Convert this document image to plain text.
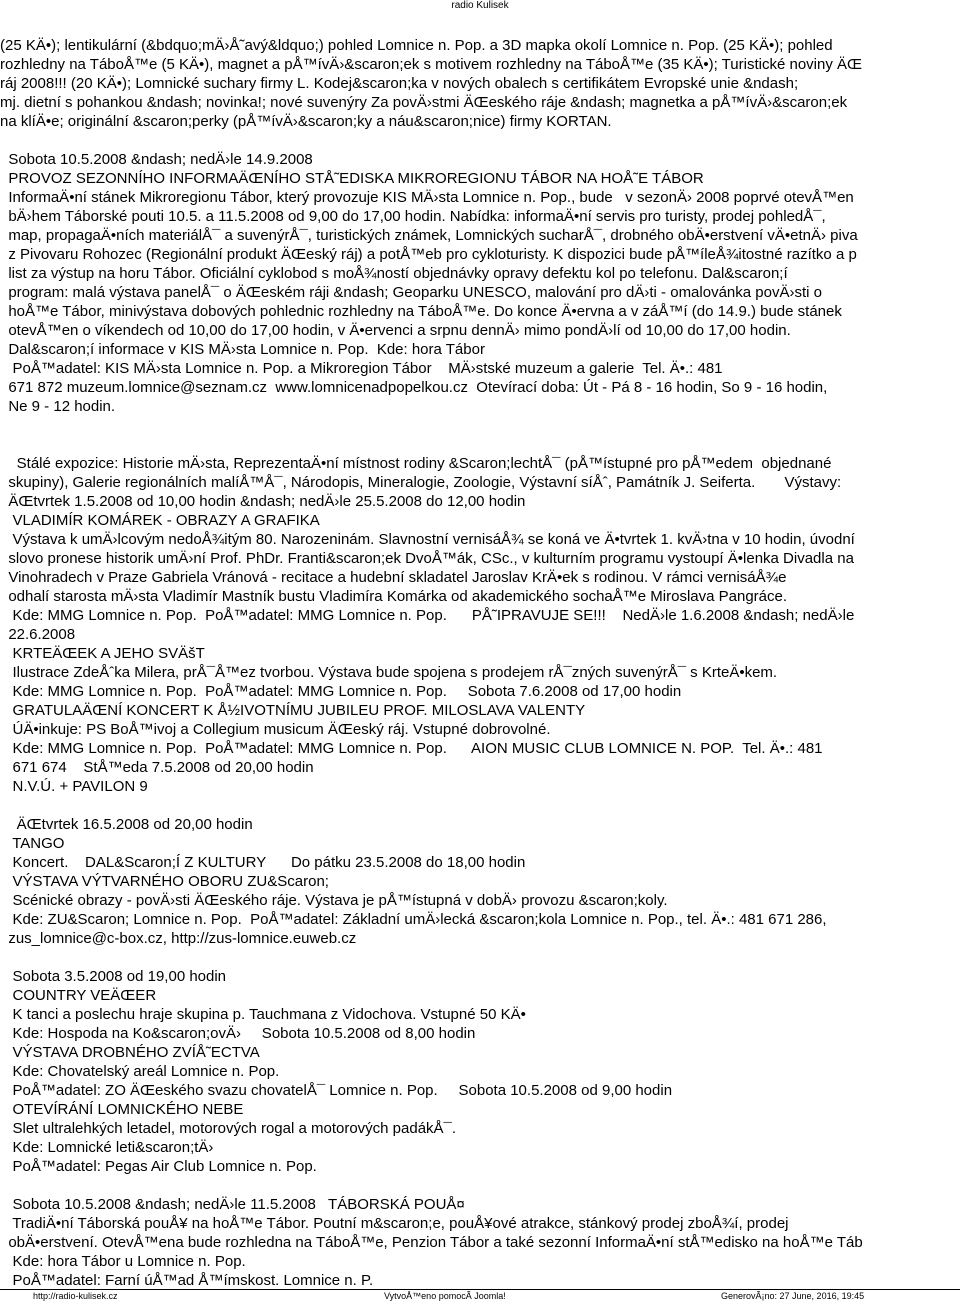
radio Kulisek
(25 KÄ•); lentikulární (&bdquo;mÄ›Å˜avý&ldquo;) pohled Lomnice n. Pop. a 3D mapka okolí Lomnice n. Pop. (25 KÄ•); pohled
rozhledny na TáboÅ™e (5 KÄ•), magnet a pÅ™ívÄ›&scaron;ek s motivem rozhledny na TáboÅ™e (35 KÄ•); Turistické noviny ÄŒ
ráj 2008!!! (20 KÄ•); Lomnické suchary firmy L. Kodej&scaron;ka v nových obalech s certifikátem Evropské unie &ndash;
mj. dietní s pohankou &ndash; novinka!; nové suvenýry Za povÄ›stmi ÄŒeského ráje &ndash; magnetka a pÅ™ívÄ›&scaron;ek
na klíÄ•e; originální &scaron;perky (pÅ™ívÄ›&scaron;ky a náu&scaron;nice) firmy KORTAN.
Sobota 10.5.2008 &ndash; nedÄ›le 14.9.2008
PROVOZ SEZONNÍHO INFORMAÄŒNÍHO STÅ˜EDISKA MIKROREGIONU TÁBOR NA HOÅ˜E TÁBOR
InformaÄ•ní stánek Mikroregionu Tábor, který provozuje KIS MÄ›sta Lomnice n. Pop., bude   v sezonÄ› 2008 poprvé otevÅ™en
bÄ›hem Táborské pouti 10.5. a 11.5.2008 od 9,00 do 17,00 hodin. Nabídka: informaÄ•ní servis pro turisty, prodej pohledÅ¯,
map, propagaÄ•ních materiálÅ¯ a suvenýrÅ¯, turistických známek, Lomnických sucharÅ¯, drobného obÄ•erstvení vÄ•etnÄ› piva
z Pivovaru Rohozec (Regionální produkt ÄŒeský ráj) a potÅ™eb pro cykloturisty. K dispozici bude pÅ™íleÅ¾itostné razítko a p
list za výstup na horu Tábor. Oficiální cyklobod s moÅ¾ností objednávky opravy defektu kol po telefonu. Dal&scaron;í
program: malá výstava panelÅ¯ o ÄŒeském ráji &ndash; Geoparku UNESCO, malování pro dÄ›ti - omalovánka povÄ›sti o
hoÅ™e Tábor, minivýstava dobových pohlednic rozhledny na TáboÅ™e. Do konce Ä•ervna a v záÅ™í (do 14.9.) bude stánek
otevÅ™en o víkendech od 10,00 do 17,00 hodin, v Ä•ervenci a srpnu dennÄ› mimo pondÄ›lí od 10,00 do 17,00 hodin.
Dal&scaron;í informace v KIS MÄ›sta Lomnice n. Pop.  Kde: hora Tábor
PoÅ™adatel: KIS MÄ›sta Lomnice n. Pop. a Mikroregion Tábor    MÄ›stské muzeum a galerie  Tel. Ä•.: 481
671 872 muzeum.lomnice@seznam.cz  www.lomnicenadpopelkou.cz  Otevírací doba: Út - Pá 8 - 16 hodin, So 9 - 16 hodin,
Ne 9 - 12 hodin.
Stálé expozice: Historie mÄ›sta, ReprezentaÄ•ní místnost rodiny &Scaron;lechtÅ¯ (pÅ™ístupné pro pÅ™edem  objednané
skupiny), Galerie regionálních malíÅ™Å¯, Národopis, Mineralogie, Zoologie, Výstavní síÅˆ, Památník J. Seiferta.       Výstavy:
ÄŒtvrtek 1.5.2008 od 10,00 hodin &ndash; nedÄ›le 25.5.2008 do 12,00 hodin
VLADIMÍR KOMÁREK - OBRAZY A GRAFIKA
Výstava k umÄ›lcovým nedoÅ¾itým 80. Narozeninám. Slavnostní vernisáÅ¾ se koná ve Ä•tvrtek 1. kvÄ›tna v 10 hodin, úvodní
slovo pronese historik umÄ›ní Prof. PhDr. Franti&scaron;ek DvoÅ™ák, CSc., v kulturním programu vystoupí Ä•lenka Divadla na
Vinohradech v Praze Gabriela Vránová - recitace a hudební skladatel Jaroslav KrÄ•ek s rodinou. V rámci vernisáÅ¾e
odhalí starosta mÄ›sta Vladimír Mastník bustu Vladimíra Komárka od akademického sochaÅ™e Miroslava Pangráce.
Kde: MMG Lomnice n. Pop.  PoÅ™adatel: MMG Lomnice n. Pop.      PÅ˜IPRAVUJE SE!!!    NedÄ›le 1.6.2008 &ndash; nedÄ›le
22.6.2008
KRTEÄŒEK A JEHO SVÄšT
Ilustrace ZdeÅˆka Milera, prÅ¯Å™ez tvorbou. Výstava bude spojena s prodejem rÅ¯zných suvenýrÅ¯ s KrteÄ•kem.
Kde: MMG Lomnice n. Pop.  PoÅ™adatel: MMG Lomnice n. Pop.     Sobota 7.6.2008 od 17,00 hodin
GRATULAÄŒNÍ KONCERT K Å½IVOTNÍMU JUBILEU PROF. MILOSLAVA VALENTY
ÚÄ•inkuje: PS BoÅ™ivoj a Collegium musicum ÄŒeský ráj. Vstupné dobrovolné.
Kde: MMG Lomnice n. Pop.  PoÅ™adatel: MMG Lomnice n. Pop.      AION MUSIC CLUB LOMNICE N. POP.  Tel. Ä•.: 481
671 674    StÅ™eda 7.5.2008 od 20,00 hodin
N.V.Ú. + PAVILON 9
ÄŒtvrtek 16.5.2008 od 20,00 hodin
TANGO
Koncert.    DAL&Scaron;Í Z KULTURY      Do pátku 23.5.2008 do 18,00 hodin
VÝSTAVA VÝTVARNÉHO OBORU ZU&Scaron;
Scénické obrazy - povÄ›sti ÄŒeského ráje. Výstava je pÅ™ístupná v dobÄ› provozu &scaron;koly.
Kde: ZU&Scaron; Lomnice n. Pop.  PoÅ™adatel: Základní umÄ›lecká &scaron;kola Lomnice n. Pop., tel. Ä•.: 481 671 286,
zus_lomnice@c-box.cz, http://zus-lomnice.euweb.cz
Sobota 3.5.2008 od 19,00 hodin
COUNTRY VEÄŒER
K tanci a poslechu hraje skupina p. Tauchmana z Vidochova. Vstupné 50 KÄ•
Kde: Hospoda na Ko&scaron;ovÄ›     Sobota 10.5.2008 od 8,00 hodin
VÝSTAVA DROBNÉHO ZVÍÅ˜ECTVA
Kde: Chovatelský areál Lomnice n. Pop.
PoÅ™adatel: ZO ÄŒeského svazu chovatelÅ¯ Lomnice n. Pop.     Sobota 10.5.2008 od 9,00 hodin
OTEVÍRÁNÍ LOMNICKÉHO NEBE
Slet ultralehkých letadel, motorových rogal a motorových padákÅ¯.
Kde: Lomnické leti&scaron;tÄ›
PoÅ™adatel: Pegas Air Club Lomnice n. Pop.
Sobota 10.5.2008 &ndash; nedÄ›le 11.5.2008   TÁBORSKÁ POUÅ¤
TradiÄ•ní Táborská pouÅ¥ na hoÅ™e Tábor. Poutní m&scaron;e, pouÅ¥ové atrakce, stánkový prodej zboÅ¾í, prodej
obÄ•erstvení. OtevÅ™ena bude rozhledna na TáboÅ™e, Penzion Tábor a také sezonní InformaÄ•ní stÅ™edisko na hoÅ™e Táb
Kde: hora Tábor u Lomnice n. Pop.
PoÅ™adatel: Farní úÅ™ad Å™ímskost. Lomnice n. P.
http://radio-kulisek.cz	VytvoÅ™eno pomocÃ Joomla!	GenerovÃ¡no: 27 June, 2016, 19:45
